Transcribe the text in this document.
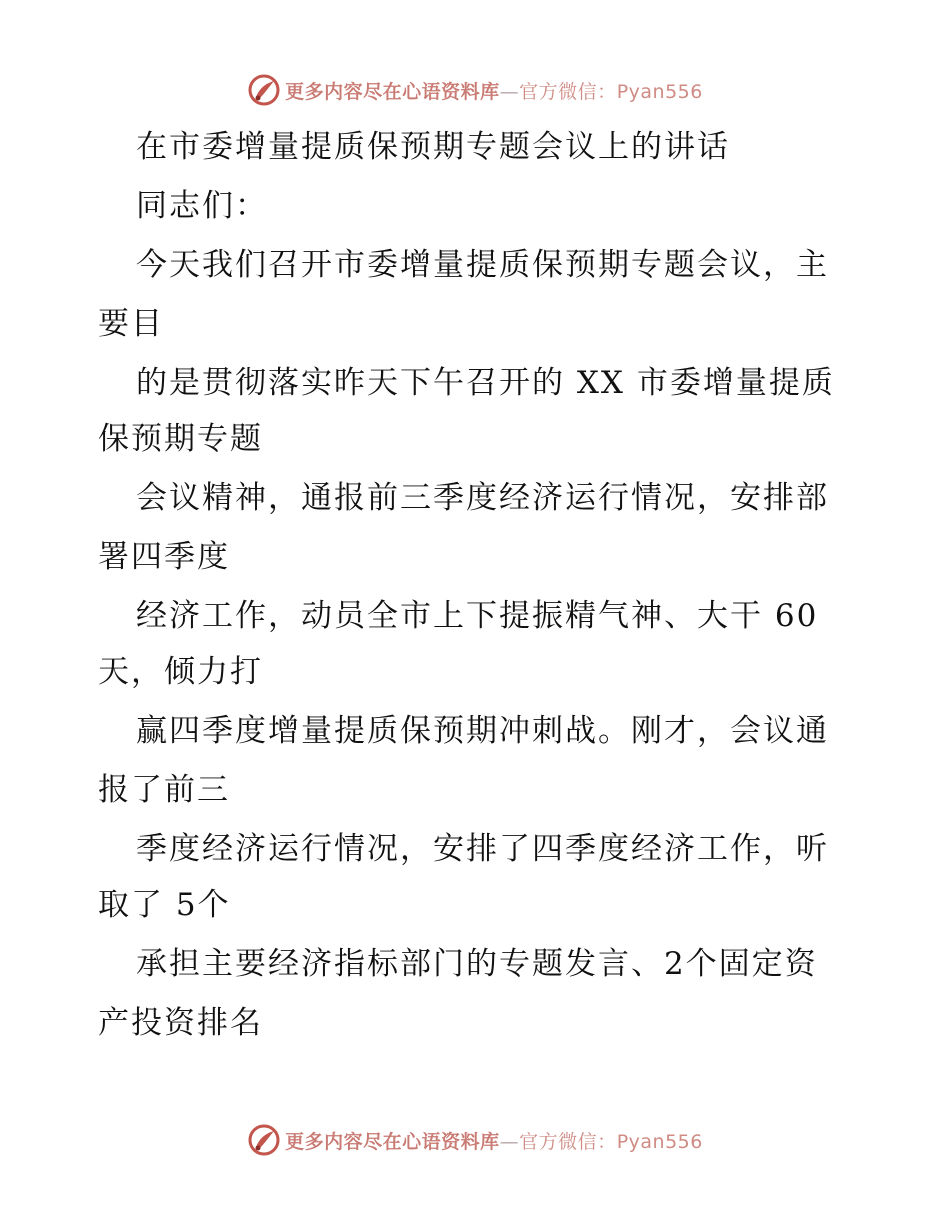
更多内容尽在心语资料库—官方微信：Pyan556
在市委增量提质保预期专题会议上的讲话
同志们：
今天我们召开市委增量提质保预期专题会议，主
要目
的是贯彻落实昨天下午召开的 XX 市委增量提质
保预期专题
会议精神，通报前三季度经济运行情况，安排部
署四季度
经济工作，动员全市上下提振精气神、大干 60
天，倾力打
赢四季度增量提质保预期冲刺战。刚才，会议通
报了前三
季度经济运行情况，安排了四季度经济工作，听
取了 5个
承担主要经济指标部门的专题发言、2个固定资
产投资排名
更多内容尽在心语资料库—官方微信：Pyan556
